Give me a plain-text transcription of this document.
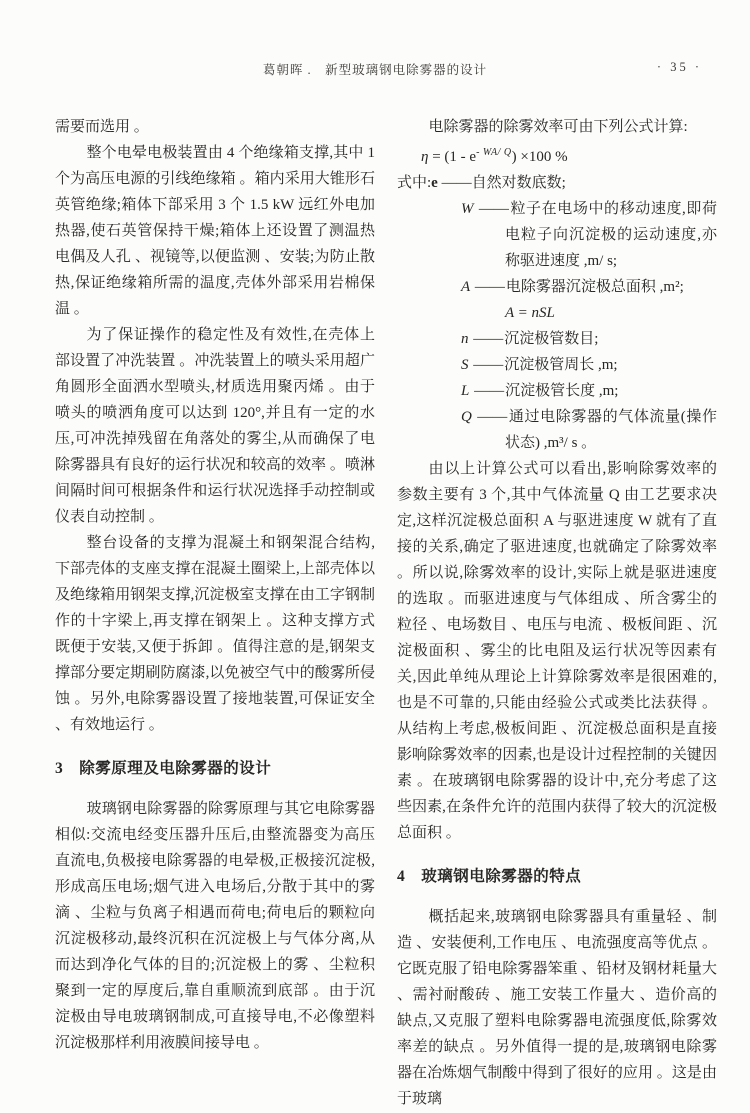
葛朝晖 .　新型玻璃钢电除雾器的设计	· 35 ·

需要而选用 。

整个电晕电极装置由 4 个绝缘箱支撑,其中 1 个为高压电源的引线绝缘箱 。箱内采用大锥形石英管绝缘;箱体下部采用 3 个 1.5 kW 远红外电加热器,使石英管保持干燥;箱体上还设置了测温热电偶及人孔 、视镜等,以便监测 、安装;为防止散热,保证绝缘箱所需的温度,壳体外部采用岩棉保温 。

为了保证操作的稳定性及有效性,在壳体上部设置了冲洗装置 。冲洗装置上的喷头采用超广角圆形全面洒水型喷头,材质选用聚丙烯 。由于喷头的喷洒角度可以达到 120°,并且有一定的水压,可冲洗掉残留在角落处的雾尘,从而确保了电除雾器具有良好的运行状况和较高的效率 。喷淋间隔时间可根据条件和运行状况选择手动控制或仪表自动控制 。

整台设备的支撑为混凝土和钢架混合结构,下部壳体的支座支撑在混凝土圈梁上,上部壳体以及绝缘箱用钢架支撑,沉淀极室支撑在由工字钢制作的十字梁上,再支撑在钢架上 。这种支撑方式既便于安装,又便于拆卸 。值得注意的是,钢架支撑部分要定期刷防腐漆,以免被空气中的酸雾所侵蚀 。另外,电除雾器设置了接地装置,可保证安全 、有效地运行 。

3　除雾原理及电除雾器的设计

玻璃钢电除雾器的除雾原理与其它电除雾器相似:交流电经变压器升压后,由整流器变为高压直流电,负极接电除雾器的电晕极,正极接沉淀极,形成高压电场;烟气进入电场后,分散于其中的雾滴 、尘粒与负离子相遇而荷电;荷电后的颗粒向沉淀极移动,最终沉积在沉淀极上与气体分离,从而达到净化气体的目的;沉淀极上的雾 、尘粒积聚到一定的厚度后,靠自重顺流到底部 。由于沉淀极由导电玻璃钢制成,可直接导电,不必像塑料沉淀极那样利用液膜间接导电 。

电除雾器的除雾效率可由下列公式计算:

$\eta = (1 - e^{- WA/ Q}) \times 100$ %

式中:e ——自然对数底数;

W ——粒子在电场中的移动速度,即荷电粒子向沉淀极的运动速度,亦称驱进速度 ,m/ s;

A ——电除雾器沉淀极总面积 ,m²;

A = nSL

n ——沉淀极管数目;

S ——沉淀极管周长 ,m;

L ——沉淀极管长度 ,m;

Q ——通过电除雾器的气体流量(操作状态) ,m³/ s 。

由以上计算公式可以看出,影响除雾效率的参数主要有 3 个,其中气体流量 Q 由工艺要求决定,这样沉淀极总面积 A 与驱进速度 W 就有了直接的关系,确定了驱进速度,也就确定了除雾效率 。所以说,除雾效率的设计,实际上就是驱进速度的选取 。而驱进速度与气体组成 、所含雾尘的粒径 、电场数目 、电压与电流 、极板间距 、沉淀极面积 、雾尘的比电阻及运行状况等因素有关,因此单纯从理论上计算除雾效率是很困难的,也是不可靠的,只能由经验公式或类比法获得 。从结构上考虑,极板间距 、沉淀极总面积是直接影响除雾效率的因素,也是设计过程控制的关键因素 。在玻璃钢电除雾器的设计中,充分考虑了这些因素,在条件允许的范围内获得了较大的沉淀极总面积 。

4　玻璃钢电除雾器的特点

概括起来,玻璃钢电除雾器具有重量轻 、制造 、安装便利,工作电压 、电流强度高等优点 。它既克服了铅电除雾器笨重 、铅材及钢材耗量大 、需衬耐酸砖 、施工安装工作量大 、造价高的缺点,又克服了塑料电除雾器电流强度低,除雾效率差的缺点 。另外值得一提的是,玻璃钢电除雾器在冶炼烟气制酸中得到了很好的应用 。这是由于玻璃
